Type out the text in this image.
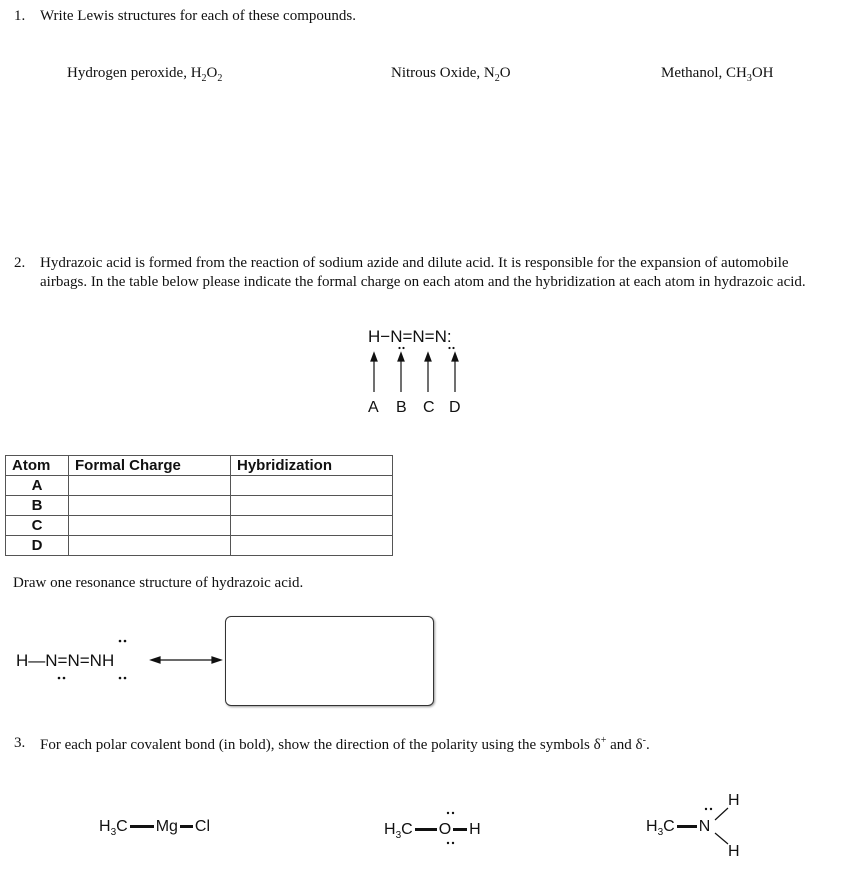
1. Write Lewis structures for each of these compounds.
Hydrogen peroxide, $H_2O_2$	Nitrous Oxide, $N_2O$	Methanol, $CH_3OH$
2. Hydrazoic acid is formed from the reaction of sodium azide and dilute acid. It is responsible for the expansion of automobile airbags. In the table below please indicate the formal charge on each atom and the hybridization at each atom in hydrazoic acid.
H−N=N=N:
A B C D
Atom	Formal Charge	Hybridization
A		
B		
C		
D		
Draw one resonance structure of hydrazoic acid.
H—N=N=NH
3. For each polar covalent bond (in bold), show the direction of the polarity using the symbols δ+ and δ-.
$H_3C$ Mg Cl	$H_3C$ O H	$H_3C$ N
H
H
